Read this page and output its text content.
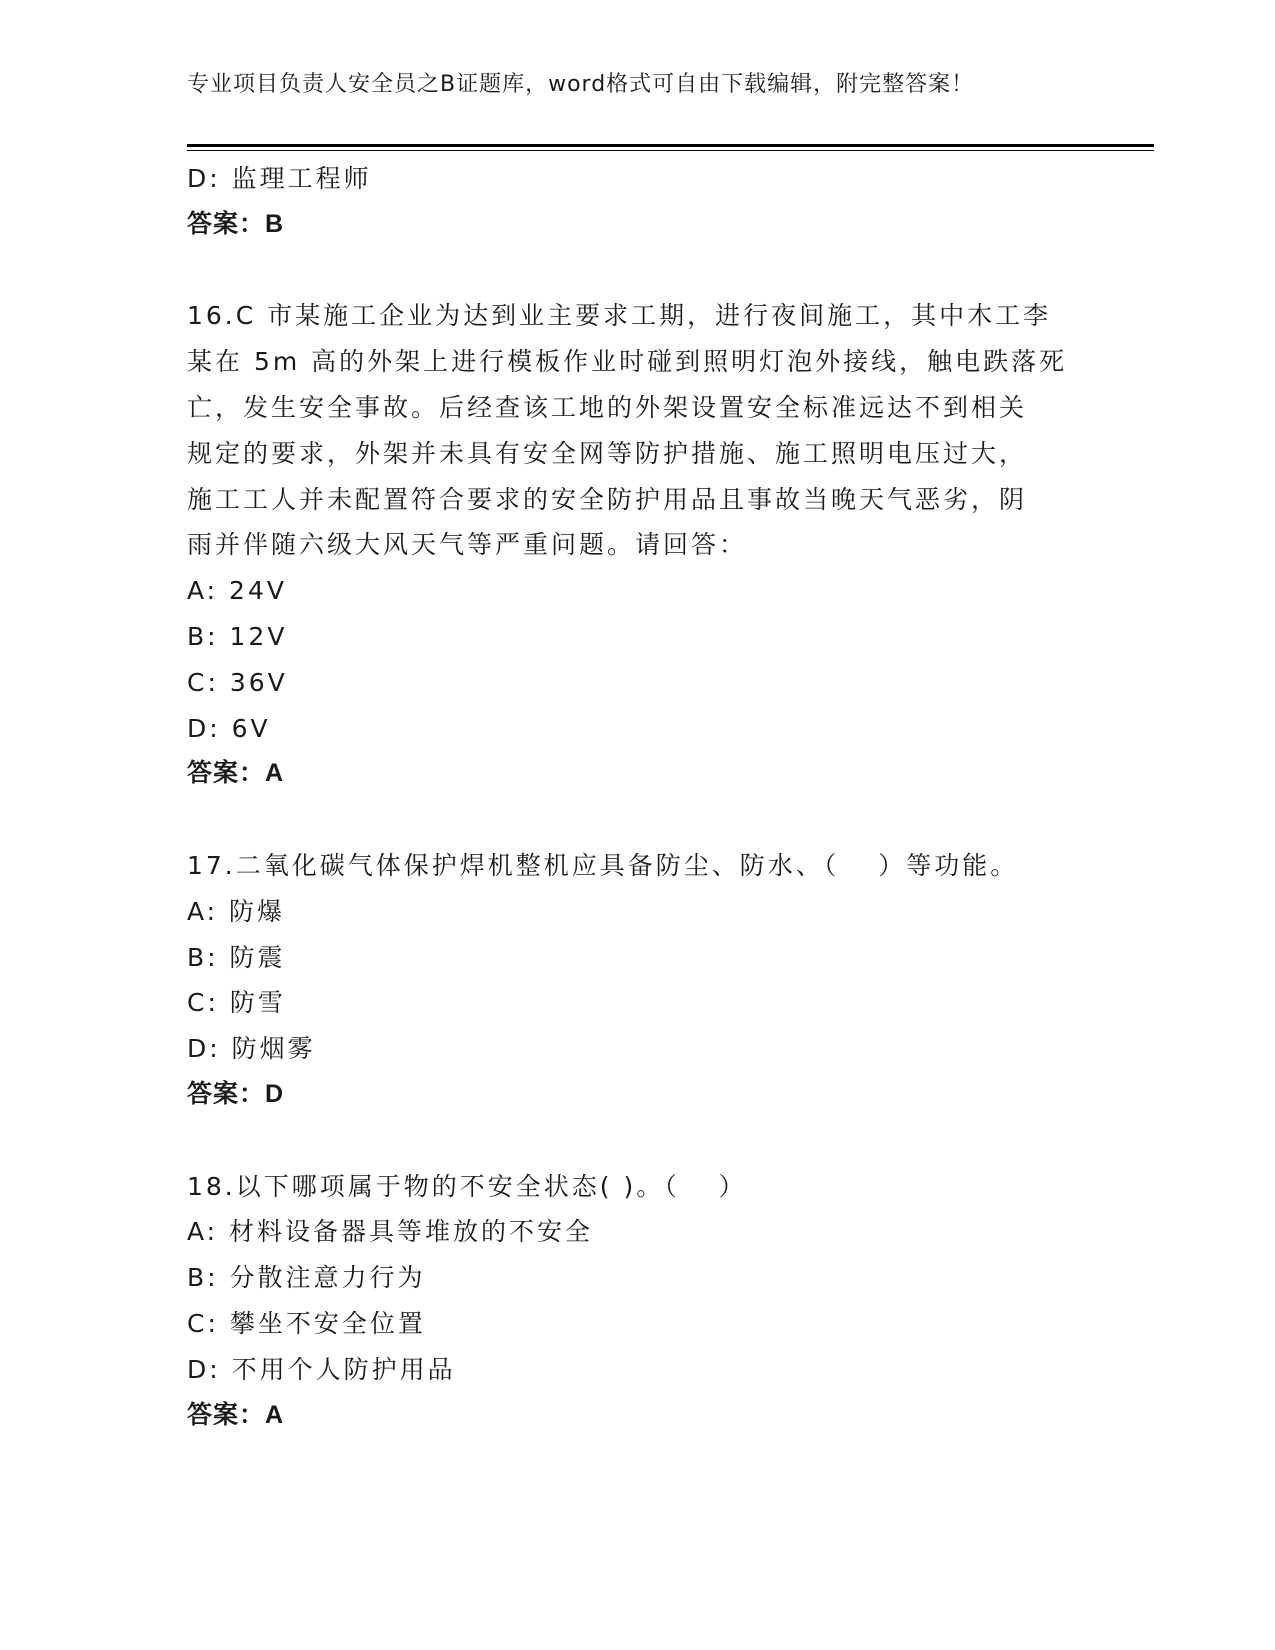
专业项目负责人安全员之B证题库，word格式可自由下载编辑，附完整答案！
D: 监理工程师
答案：B
16.C 市某施工企业为达到业主要求工期，进行夜间施工，其中木工李
某在 5m 高的外架上进行模板作业时碰到照明灯泡外接线，触电跌落死
亡，发生安全事故。后经查该工地的外架设置安全标准远达不到相关
规定的要求，外架并未具有安全网等防护措施、施工照明电压过大，
施工工人并未配置符合要求的安全防护用品且事故当晚天气恶劣，阴
雨并伴随六级大风天气等严重问题。请回答：
A: 24V
B: 12V
C: 36V
D: 6V
答案：A
17.二氧化碳气体保护焊机整机应具备防尘、防水、（　 ）等功能。
A: 防爆
B: 防震
C: 防雪
D: 防烟雾
答案：D
18.以下哪项属于物的不安全状态( )。（　 ）
A: 材料设备器具等堆放的不安全
B: 分散注意力行为
C: 攀坐不安全位置
D: 不用个人防护用品
答案：A
